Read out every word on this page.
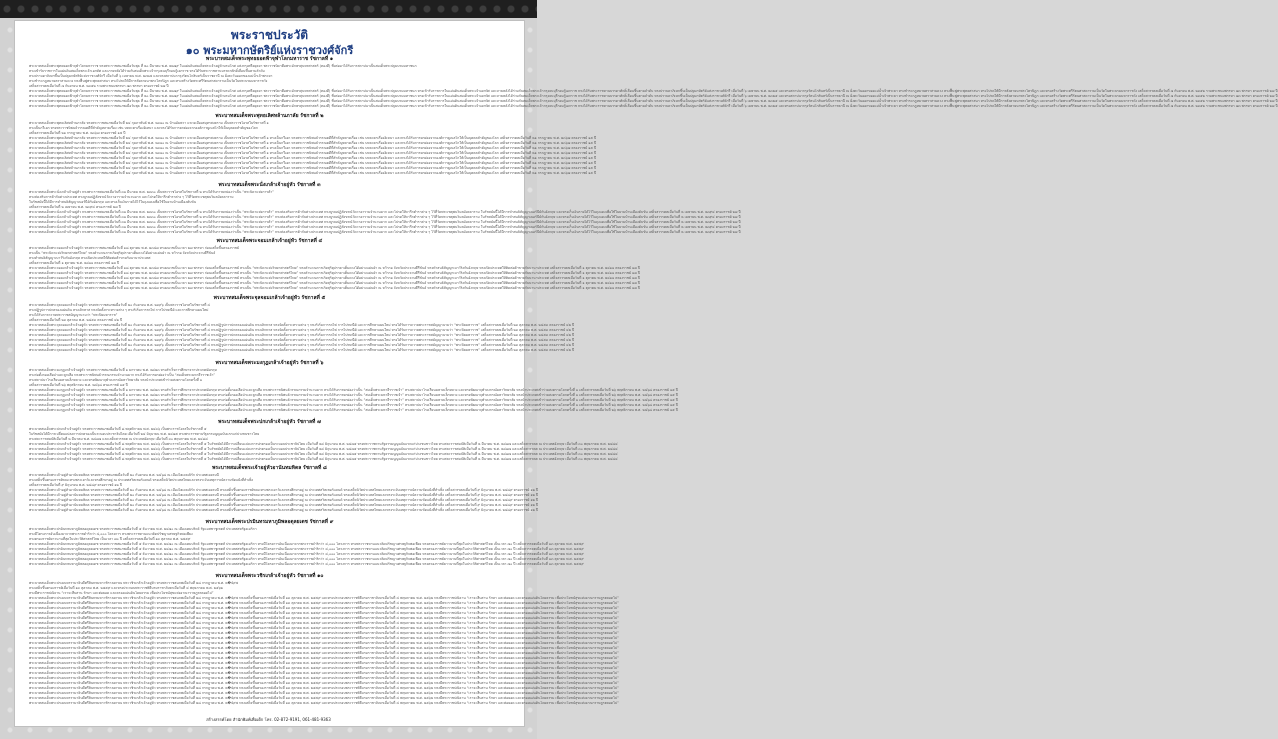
พระราชประวัติ
๑๐ พระมหากษัตริย์แห่งราชวงศ์จักรี
พระบาทสมเด็จพระพุทธยอดฟ้าจุฬาโลกมหาราช รัชกาลที่ ๑
พระบาทสมเด็จพระพุทธยอดฟ้าจุฬาโลกมหาราช ทรงพระราชสมภพเมื่อวันพุธ ที่ ๒๐ มีนาคม พ.ศ. ๒๒๗๙ ในแผ่นดินสมเด็จพระเจ้าอยู่หัวบรมโกศ แห่งกรุงศรีอยุธยา พระราชบิดาคือพระอักษรสุนทรศาสตร์ (ทองดี) ซึ่งต่อมาได้รับการสถาปนาเป็นสมเด็จพระปฐมบรมมหาชนก
ทรงเข้ารับราชการในแผ่นดินสมเด็จพระเจ้าเอกทัศ และภายหลังได้ร่วมกับสมเด็จพระเจ้ากรุงธนบุรีกอบกู้เอกราช ทรงได้รับพระราชทานบรรดาศักดิ์เลื่อนขึ้นตามลำดับ
ทรงปราบดาภิเษกขึ้นเป็นปฐมกษัตริย์แห่งราชวงศ์จักรี เมื่อวันที่ ๖ เมษายน พ.ศ. ๒๓๒๕ และทรงสถาปนากรุงรัตนโกสินทร์เป็นราชธานี ณ ฝั่งตะวันออกของแม่น้ำเจ้าพระยา
ทรงชำระกฎหมายตราสามดวง ทรงฟื้นฟูพระพุทธศาสนา ทรงโปรดให้มีการสังคายนาพระไตรปิฎก และทรงสร้างวัดพระศรีรัตนศาสดารามเป็นวัดในพระบรมมหาราชวัง
เสด็จสวรรคตเมื่อวันที่ ๗ กันยายน พ.ศ. ๒๓๕๒ รวมพระชนมพรรษา ๗๓ พรรษา ครองราชย์ ๒๗ ปี
พระบาทสมเด็จพระพุทธยอดฟ้าจุฬาโลกมหาราช ทรงพระราชสมภพเมื่อวันพุธ ที่ ๒๐ มีนาคม พ.ศ. ๒๒๗๙ ในแผ่นดินสมเด็จพระเจ้าอยู่หัวบรมโกศ แห่งกรุงศรีอยุธยา พระราชบิดาคือพระอักษรสุนทรศาสตร์ (ทองดี) ซึ่งต่อมาได้รับการสถาปนาเป็นสมเด็จพระปฐมบรมมหาชนก ทรงเข้ารับราชการในแผ่นดินสมเด็จพระเจ้าเอกทัศ และภายหลังได้ร่วมกับสมเด็จพระเจ้ากรุงธนบุรีกอบกู้เอกราช ทรงได้รับพระราชทานบรรดาศักดิ์เลื่อนขึ้นตามลำดับ ทรงปราบดาภิเษกขึ้นเป็นปฐมกษัตริย์แห่งราชวงศ์จักรี เมื่อวันที่ ๖ เมษายน พ.ศ. ๒๓๒๕ และทรงสถาปนากรุงรัตนโกสินทร์เป็นราชธานี ณ ฝั่งตะวันออกของแม่น้ำเจ้าพระยา ทรงชำระกฎหมายตราสามดวง ทรงฟื้นฟูพระพุทธศาสนา ทรงโปรดให้มีการสังคายนาพระไตรปิฎก และทรงสร้างวัดพระศรีรัตนศาสดารามเป็นวัดในพระบรมมหาราชวัง เสด็จสวรรคตเมื่อวันที่ ๗ กันยายน พ.ศ. ๒๓๕๒ รวมพระชนมพรรษา ๗๓ พรรษา ครองราชย์ ๒๗ ปี
พระบาทสมเด็จพระพุทธยอดฟ้าจุฬาโลกมหาราช ทรงพระราชสมภพเมื่อวันพุธ ที่ ๒๐ มีนาคม พ.ศ. ๒๒๗๙ ในแผ่นดินสมเด็จพระเจ้าอยู่หัวบรมโกศ แห่งกรุงศรีอยุธยา พระราชบิดาคือพระอักษรสุนทรศาสตร์ (ทองดี) ซึ่งต่อมาได้รับการสถาปนาเป็นสมเด็จพระปฐมบรมมหาชนก ทรงเข้ารับราชการในแผ่นดินสมเด็จพระเจ้าเอกทัศ และภายหลังได้ร่วมกับสมเด็จพระเจ้ากรุงธนบุรีกอบกู้เอกราช ทรงได้รับพระราชทานบรรดาศักดิ์เลื่อนขึ้นตามลำดับ ทรงปราบดาภิเษกขึ้นเป็นปฐมกษัตริย์แห่งราชวงศ์จักรี เมื่อวันที่ ๖ เมษายน พ.ศ. ๒๓๒๕ และทรงสถาปนากรุงรัตนโกสินทร์เป็นราชธานี ณ ฝั่งตะวันออกของแม่น้ำเจ้าพระยา ทรงชำระกฎหมายตราสามดวง ทรงฟื้นฟูพระพุทธศาสนา ทรงโปรดให้มีการสังคายนาพระไตรปิฎก และทรงสร้างวัดพระศรีรัตนศาสดารามเป็นวัดในพระบรมมหาราชวัง เสด็จสวรรคตเมื่อวันที่ ๗ กันยายน พ.ศ. ๒๓๕๒ รวมพระชนมพรรษา ๗๓ พรรษา ครองราชย์ ๒๗ ปี
พระบาทสมเด็จพระพุทธยอดฟ้าจุฬาโลกมหาราช ทรงพระราชสมภพเมื่อวันพุธ ที่ ๒๐ มีนาคม พ.ศ. ๒๒๗๙ ในแผ่นดินสมเด็จพระเจ้าอยู่หัวบรมโกศ แห่งกรุงศรีอยุธยา พระราชบิดาคือพระอักษรสุนทรศาสตร์ (ทองดี) ซึ่งต่อมาได้รับการสถาปนาเป็นสมเด็จพระปฐมบรมมหาชนก ทรงเข้ารับราชการในแผ่นดินสมเด็จพระเจ้าเอกทัศ และภายหลังได้ร่วมกับสมเด็จพระเจ้ากรุงธนบุรีกอบกู้เอกราช ทรงได้รับพระราชทานบรรดาศักดิ์เลื่อนขึ้นตามลำดับ ทรงปราบดาภิเษกขึ้นเป็นปฐมกษัตริย์แห่งราชวงศ์จักรี เมื่อวันที่ ๖ เมษายน พ.ศ. ๒๓๒๕ และทรงสถาปนากรุงรัตนโกสินทร์เป็นราชธานี ณ ฝั่งตะวันออกของแม่น้ำเจ้าพระยา ทรงชำระกฎหมายตราสามดวง ทรงฟื้นฟูพระพุทธศาสนา ทรงโปรดให้มีการสังคายนาพระไตรปิฎก และทรงสร้างวัดพระศรีรัตนศาสดารามเป็นวัดในพระบรมมหาราชวัง เสด็จสวรรคตเมื่อวันที่ ๗ กันยายน พ.ศ. ๒๓๕๒ รวมพระชนมพรรษา ๗๓ พรรษา ครองราชย์ ๒๗ ปี
พระบาทสมเด็จพระพุทธยอดฟ้าจุฬาโลกมหาราช ทรงพระราชสมภพเมื่อวันพุธ ที่ ๒๐ มีนาคม พ.ศ. ๒๒๗๙ ในแผ่นดินสมเด็จพระเจ้าอยู่หัวบรมโกศ แห่งกรุงศรีอยุธยา พระราชบิดาคือพระอักษรสุนทรศาสตร์ (ทองดี) ซึ่งต่อมาได้รับการสถาปนาเป็นสมเด็จพระปฐมบรมมหาชนก ทรงเข้ารับราชการในแผ่นดินสมเด็จพระเจ้าเอกทัศ และภายหลังได้ร่วมกับสมเด็จพระเจ้ากรุงธนบุรีกอบกู้เอกราช ทรงได้รับพระราชทานบรรดาศักดิ์เลื่อนขึ้นตามลำดับ ทรงปราบดาภิเษกขึ้นเป็นปฐมกษัตริย์แห่งราชวงศ์จักรี เมื่อวันที่ ๖ เมษายน พ.ศ. ๒๓๒๕ และทรงสถาปนากรุงรัตนโกสินทร์เป็นราชธานี ณ ฝั่งตะวันออกของแม่น้ำเจ้าพระยา ทรงชำระกฎหมายตราสามดวง ทรงฟื้นฟูพระพุทธศาสนา ทรงโปรดให้มีการสังคายนาพระไตรปิฎก และทรงสร้างวัดพระศรีรัตนศาสดารามเป็นวัดในพระบรมมหาราชวัง เสด็จสวรรคตเมื่อวันที่ ๗ กันยายน พ.ศ. ๒๓๕๒ รวมพระชนมพรรษา ๗๓ พรรษา ครองราชย์ ๒๗ ปี
พระบาทสมเด็จพระพุทธเลิศหล้านภาลัย รัชกาลที่ ๒
พระบาทสมเด็จพระพุทธเลิศหล้านภาลัย ทรงพระราชสมภพเมื่อวันที่ ๒๔ กุมภาพันธ์ พ.ศ. ๒๓๑๐ ณ บ้านอัมพวา แขวงเมืองสมุทรสงคราม เป็นพระราชโอรสในรัชกาลที่ ๑
ทรงเป็นกวีเอก ทรงพระราชนิพนธ์วรรณคดีที่สำคัญหลายเรื่อง เช่น บทละครเรื่องอิเหนา และทรงได้รับการยกย่องจากองค์การยูเนสโกให้เป็นบุคคลสำคัญของโลก
เสด็จสวรรคตเมื่อวันที่ ๒๑ กรกฎาคม พ.ศ. ๒๓๖๗ ครองราชย์ ๑๕ ปี
พระบาทสมเด็จพระพุทธเลิศหล้านภาลัย ทรงพระราชสมภพเมื่อวันที่ ๒๔ กุมภาพันธ์ พ.ศ. ๒๓๑๐ ณ บ้านอัมพวา แขวงเมืองสมุทรสงคราม เป็นพระราชโอรสในรัชกาลที่ ๑ ทรงเป็นกวีเอก ทรงพระราชนิพนธ์วรรณคดีที่สำคัญหลายเรื่อง เช่น บทละครเรื่องอิเหนา และทรงได้รับการยกย่องจากองค์การยูเนสโกให้เป็นบุคคลสำคัญของโลก เสด็จสวรรคตเมื่อวันที่ ๒๑ กรกฎาคม พ.ศ. ๒๓๖๗ ครองราชย์ ๑๕ ปี
พระบาทสมเด็จพระพุทธเลิศหล้านภาลัย ทรงพระราชสมภพเมื่อวันที่ ๒๔ กุมภาพันธ์ พ.ศ. ๒๓๑๐ ณ บ้านอัมพวา แขวงเมืองสมุทรสงคราม เป็นพระราชโอรสในรัชกาลที่ ๑ ทรงเป็นกวีเอก ทรงพระราชนิพนธ์วรรณคดีที่สำคัญหลายเรื่อง เช่น บทละครเรื่องอิเหนา และทรงได้รับการยกย่องจากองค์การยูเนสโกให้เป็นบุคคลสำคัญของโลก เสด็จสวรรคตเมื่อวันที่ ๒๑ กรกฎาคม พ.ศ. ๒๓๖๗ ครองราชย์ ๑๕ ปี
พระบาทสมเด็จพระพุทธเลิศหล้านภาลัย ทรงพระราชสมภพเมื่อวันที่ ๒๔ กุมภาพันธ์ พ.ศ. ๒๓๑๐ ณ บ้านอัมพวา แขวงเมืองสมุทรสงคราม เป็นพระราชโอรสในรัชกาลที่ ๑ ทรงเป็นกวีเอก ทรงพระราชนิพนธ์วรรณคดีที่สำคัญหลายเรื่อง เช่น บทละครเรื่องอิเหนา และทรงได้รับการยกย่องจากองค์การยูเนสโกให้เป็นบุคคลสำคัญของโลก เสด็จสวรรคตเมื่อวันที่ ๒๑ กรกฎาคม พ.ศ. ๒๓๖๗ ครองราชย์ ๑๕ ปี
พระบาทสมเด็จพระพุทธเลิศหล้านภาลัย ทรงพระราชสมภพเมื่อวันที่ ๒๔ กุมภาพันธ์ พ.ศ. ๒๓๑๐ ณ บ้านอัมพวา แขวงเมืองสมุทรสงคราม เป็นพระราชโอรสในรัชกาลที่ ๑ ทรงเป็นกวีเอก ทรงพระราชนิพนธ์วรรณคดีที่สำคัญหลายเรื่อง เช่น บทละครเรื่องอิเหนา และทรงได้รับการยกย่องจากองค์การยูเนสโกให้เป็นบุคคลสำคัญของโลก เสด็จสวรรคตเมื่อวันที่ ๒๑ กรกฎาคม พ.ศ. ๒๓๖๗ ครองราชย์ ๑๕ ปี
พระบาทสมเด็จพระพุทธเลิศหล้านภาลัย ทรงพระราชสมภพเมื่อวันที่ ๒๔ กุมภาพันธ์ พ.ศ. ๒๓๑๐ ณ บ้านอัมพวา แขวงเมืองสมุทรสงคราม เป็นพระราชโอรสในรัชกาลที่ ๑ ทรงเป็นกวีเอก ทรงพระราชนิพนธ์วรรณคดีที่สำคัญหลายเรื่อง เช่น บทละครเรื่องอิเหนา และทรงได้รับการยกย่องจากองค์การยูเนสโกให้เป็นบุคคลสำคัญของโลก เสด็จสวรรคตเมื่อวันที่ ๒๑ กรกฎาคม พ.ศ. ๒๓๖๗ ครองราชย์ ๑๕ ปี
พระบาทสมเด็จพระพุทธเลิศหล้านภาลัย ทรงพระราชสมภพเมื่อวันที่ ๒๔ กุมภาพันธ์ พ.ศ. ๒๓๑๐ ณ บ้านอัมพวา แขวงเมืองสมุทรสงคราม เป็นพระราชโอรสในรัชกาลที่ ๑ ทรงเป็นกวีเอก ทรงพระราชนิพนธ์วรรณคดีที่สำคัญหลายเรื่อง เช่น บทละครเรื่องอิเหนา และทรงได้รับการยกย่องจากองค์การยูเนสโกให้เป็นบุคคลสำคัญของโลก เสด็จสวรรคตเมื่อวันที่ ๒๑ กรกฎาคม พ.ศ. ๒๓๖๗ ครองราชย์ ๑๕ ปี
พระบาทสมเด็จพระพุทธเลิศหล้านภาลัย ทรงพระราชสมภพเมื่อวันที่ ๒๔ กุมภาพันธ์ พ.ศ. ๒๓๑๐ ณ บ้านอัมพวา แขวงเมืองสมุทรสงคราม เป็นพระราชโอรสในรัชกาลที่ ๑ ทรงเป็นกวีเอก ทรงพระราชนิพนธ์วรรณคดีที่สำคัญหลายเรื่อง เช่น บทละครเรื่องอิเหนา และทรงได้รับการยกย่องจากองค์การยูเนสโกให้เป็นบุคคลสำคัญของโลก เสด็จสวรรคตเมื่อวันที่ ๒๑ กรกฎาคม พ.ศ. ๒๓๖๗ ครองราชย์ ๑๕ ปี
พระบาทสมเด็จพระพุทธเลิศหล้านภาลัย ทรงพระราชสมภพเมื่อวันที่ ๒๔ กุมภาพันธ์ พ.ศ. ๒๓๑๐ ณ บ้านอัมพวา แขวงเมืองสมุทรสงคราม เป็นพระราชโอรสในรัชกาลที่ ๑ ทรงเป็นกวีเอก ทรงพระราชนิพนธ์วรรณคดีที่สำคัญหลายเรื่อง เช่น บทละครเรื่องอิเหนา และทรงได้รับการยกย่องจากองค์การยูเนสโกให้เป็นบุคคลสำคัญของโลก เสด็จสวรรคตเมื่อวันที่ ๒๑ กรกฎาคม พ.ศ. ๒๓๖๗ ครองราชย์ ๑๕ ปี
พระบาทสมเด็จพระนั่งเกล้าเจ้าอยู่หัว รัชกาลที่ ๓
พระบาทสมเด็จพระนั่งเกล้าเจ้าอยู่หัว ทรงพระราชสมภพเมื่อวันที่ ๓๑ มีนาคม พ.ศ. ๒๓๓๐ เป็นพระราชโอรสในรัชกาลที่ ๒ ทรงได้รับการยกย่องว่าเป็น “พระบิดาแห่งการค้า”
ทรงส่งเสริมการค้ากับต่างประเทศ ทรงบูรณปฏิสังขรณ์วัดวาอารามจำนวนมาก และโปรดให้จารึกตำราต่าง ๆ ไว้ที่วัดพระเชตุพนวิมลมังคลาราม
ในรัชสมัยนี้ได้มีการทำสนธิสัญญาเบอร์นีย์กับอังกฤษ และทรงเก็บเงินรายได้ไว้ในถุงแดงเพื่อใช้ในยามบ้านเมืองคับขัน
เสด็จสวรรคตเมื่อวันที่ ๒ เมษายน พ.ศ. ๒๓๙๔ ครองราชย์ ๒๗ ปี
พระบาทสมเด็จพระนั่งเกล้าเจ้าอยู่หัว ทรงพระราชสมภพเมื่อวันที่ ๓๑ มีนาคม พ.ศ. ๒๓๓๐ เป็นพระราชโอรสในรัชกาลที่ ๒ ทรงได้รับการยกย่องว่าเป็น “พระบิดาแห่งการค้า” ทรงส่งเสริมการค้ากับต่างประเทศ ทรงบูรณปฏิสังขรณ์วัดวาอารามจำนวนมาก และโปรดให้จารึกตำราต่าง ๆ ไว้ที่วัดพระเชตุพนวิมลมังคลาราม ในรัชสมัยนี้ได้มีการทำสนธิสัญญาเบอร์นีย์กับอังกฤษ และทรงเก็บเงินรายได้ไว้ในถุงแดงเพื่อใช้ในยามบ้านเมืองคับขัน เสด็จสวรรคตเมื่อวันที่ ๒ เมษายน พ.ศ. ๒๓๙๔ ครองราชย์ ๒๗ ปี
พระบาทสมเด็จพระนั่งเกล้าเจ้าอยู่หัว ทรงพระราชสมภพเมื่อวันที่ ๓๑ มีนาคม พ.ศ. ๒๓๓๐ เป็นพระราชโอรสในรัชกาลที่ ๒ ทรงได้รับการยกย่องว่าเป็น “พระบิดาแห่งการค้า” ทรงส่งเสริมการค้ากับต่างประเทศ ทรงบูรณปฏิสังขรณ์วัดวาอารามจำนวนมาก และโปรดให้จารึกตำราต่าง ๆ ไว้ที่วัดพระเชตุพนวิมลมังคลาราม ในรัชสมัยนี้ได้มีการทำสนธิสัญญาเบอร์นีย์กับอังกฤษ และทรงเก็บเงินรายได้ไว้ในถุงแดงเพื่อใช้ในยามบ้านเมืองคับขัน เสด็จสวรรคตเมื่อวันที่ ๒ เมษายน พ.ศ. ๒๓๙๔ ครองราชย์ ๒๗ ปี
พระบาทสมเด็จพระนั่งเกล้าเจ้าอยู่หัว ทรงพระราชสมภพเมื่อวันที่ ๓๑ มีนาคม พ.ศ. ๒๓๓๐ เป็นพระราชโอรสในรัชกาลที่ ๒ ทรงได้รับการยกย่องว่าเป็น “พระบิดาแห่งการค้า” ทรงส่งเสริมการค้ากับต่างประเทศ ทรงบูรณปฏิสังขรณ์วัดวาอารามจำนวนมาก และโปรดให้จารึกตำราต่าง ๆ ไว้ที่วัดพระเชตุพนวิมลมังคลาราม ในรัชสมัยนี้ได้มีการทำสนธิสัญญาเบอร์นีย์กับอังกฤษ และทรงเก็บเงินรายได้ไว้ในถุงแดงเพื่อใช้ในยามบ้านเมืองคับขัน เสด็จสวรรคตเมื่อวันที่ ๒ เมษายน พ.ศ. ๒๓๙๔ ครองราชย์ ๒๗ ปี
พระบาทสมเด็จพระนั่งเกล้าเจ้าอยู่หัว ทรงพระราชสมภพเมื่อวันที่ ๓๑ มีนาคม พ.ศ. ๒๓๓๐ เป็นพระราชโอรสในรัชกาลที่ ๒ ทรงได้รับการยกย่องว่าเป็น “พระบิดาแห่งการค้า” ทรงส่งเสริมการค้ากับต่างประเทศ ทรงบูรณปฏิสังขรณ์วัดวาอารามจำนวนมาก และโปรดให้จารึกตำราต่าง ๆ ไว้ที่วัดพระเชตุพนวิมลมังคลาราม ในรัชสมัยนี้ได้มีการทำสนธิสัญญาเบอร์นีย์กับอังกฤษ และทรงเก็บเงินรายได้ไว้ในถุงแดงเพื่อใช้ในยามบ้านเมืองคับขัน เสด็จสวรรคตเมื่อวันที่ ๒ เมษายน พ.ศ. ๒๓๙๔ ครองราชย์ ๒๗ ปี
พระบาทสมเด็จพระนั่งเกล้าเจ้าอยู่หัว ทรงพระราชสมภพเมื่อวันที่ ๓๑ มีนาคม พ.ศ. ๒๓๓๐ เป็นพระราชโอรสในรัชกาลที่ ๒ ทรงได้รับการยกย่องว่าเป็น “พระบิดาแห่งการค้า” ทรงส่งเสริมการค้ากับต่างประเทศ ทรงบูรณปฏิสังขรณ์วัดวาอารามจำนวนมาก และโปรดให้จารึกตำราต่าง ๆ ไว้ที่วัดพระเชตุพนวิมลมังคลาราม ในรัชสมัยนี้ได้มีการทำสนธิสัญญาเบอร์นีย์กับอังกฤษ และทรงเก็บเงินรายได้ไว้ในถุงแดงเพื่อใช้ในยามบ้านเมืองคับขัน เสด็จสวรรคตเมื่อวันที่ ๒ เมษายน พ.ศ. ๒๓๙๔ ครองราชย์ ๒๗ ปี
พระบาทสมเด็จพระจอมเกล้าเจ้าอยู่หัว รัชกาลที่ ๔
พระบาทสมเด็จพระจอมเกล้าเจ้าอยู่หัว ทรงพระราชสมภพเมื่อวันที่ ๑๘ ตุลาคม พ.ศ. ๒๓๔๗ ทรงผนวชเป็นเวลา ๒๗ พรรษา ก่อนเสด็จขึ้นครองราชย์
ทรงเป็น “พระบิดาแห่งวิทยาศาสตร์ไทย” ทรงคำนวณการเกิดสุริยุปราคาเต็มดวงได้อย่างแม่นยำ ณ หว้ากอ จังหวัดประจวบคีรีขันธ์
ทรงทำสนธิสัญญาเบาว์ริงกับอังกฤษ ทรงเปิดประเทศให้ติดต่อค้าขายกับนานาประเทศ
เสด็จสวรรคตเมื่อวันที่ ๑ ตุลาคม พ.ศ. ๒๔๑๑ ครองราชย์ ๑๗ ปี
พระบาทสมเด็จพระจอมเกล้าเจ้าอยู่หัว ทรงพระราชสมภพเมื่อวันที่ ๑๘ ตุลาคม พ.ศ. ๒๓๔๗ ทรงผนวชเป็นเวลา ๒๗ พรรษา ก่อนเสด็จขึ้นครองราชย์ ทรงเป็น “พระบิดาแห่งวิทยาศาสตร์ไทย” ทรงคำนวณการเกิดสุริยุปราคาเต็มดวงได้อย่างแม่นยำ ณ หว้ากอ จังหวัดประจวบคีรีขันธ์ ทรงทำสนธิสัญญาเบาว์ริงกับอังกฤษ ทรงเปิดประเทศให้ติดต่อค้าขายกับนานาประเทศ เสด็จสวรรคตเมื่อวันที่ ๑ ตุลาคม พ.ศ. ๒๔๑๑ ครองราชย์ ๑๗ ปี
พระบาทสมเด็จพระจอมเกล้าเจ้าอยู่หัว ทรงพระราชสมภพเมื่อวันที่ ๑๘ ตุลาคม พ.ศ. ๒๓๔๗ ทรงผนวชเป็นเวลา ๒๗ พรรษา ก่อนเสด็จขึ้นครองราชย์ ทรงเป็น “พระบิดาแห่งวิทยาศาสตร์ไทย” ทรงคำนวณการเกิดสุริยุปราคาเต็มดวงได้อย่างแม่นยำ ณ หว้ากอ จังหวัดประจวบคีรีขันธ์ ทรงทำสนธิสัญญาเบาว์ริงกับอังกฤษ ทรงเปิดประเทศให้ติดต่อค้าขายกับนานาประเทศ เสด็จสวรรคตเมื่อวันที่ ๑ ตุลาคม พ.ศ. ๒๔๑๑ ครองราชย์ ๑๗ ปี
พระบาทสมเด็จพระจอมเกล้าเจ้าอยู่หัว ทรงพระราชสมภพเมื่อวันที่ ๑๘ ตุลาคม พ.ศ. ๒๓๔๗ ทรงผนวชเป็นเวลา ๒๗ พรรษา ก่อนเสด็จขึ้นครองราชย์ ทรงเป็น “พระบิดาแห่งวิทยาศาสตร์ไทย” ทรงคำนวณการเกิดสุริยุปราคาเต็มดวงได้อย่างแม่นยำ ณ หว้ากอ จังหวัดประจวบคีรีขันธ์ ทรงทำสนธิสัญญาเบาว์ริงกับอังกฤษ ทรงเปิดประเทศให้ติดต่อค้าขายกับนานาประเทศ เสด็จสวรรคตเมื่อวันที่ ๑ ตุลาคม พ.ศ. ๒๔๑๑ ครองราชย์ ๑๗ ปี
พระบาทสมเด็จพระจอมเกล้าเจ้าอยู่หัว ทรงพระราชสมภพเมื่อวันที่ ๑๘ ตุลาคม พ.ศ. ๒๓๔๗ ทรงผนวชเป็นเวลา ๒๗ พรรษา ก่อนเสด็จขึ้นครองราชย์ ทรงเป็น “พระบิดาแห่งวิทยาศาสตร์ไทย” ทรงคำนวณการเกิดสุริยุปราคาเต็มดวงได้อย่างแม่นยำ ณ หว้ากอ จังหวัดประจวบคีรีขันธ์ ทรงทำสนธิสัญญาเบาว์ริงกับอังกฤษ ทรงเปิดประเทศให้ติดต่อค้าขายกับนานาประเทศ เสด็จสวรรคตเมื่อวันที่ ๑ ตุลาคม พ.ศ. ๒๔๑๑ ครองราชย์ ๑๗ ปี
พระบาทสมเด็จพระจอมเกล้าเจ้าอยู่หัว ทรงพระราชสมภพเมื่อวันที่ ๑๘ ตุลาคม พ.ศ. ๒๓๔๗ ทรงผนวชเป็นเวลา ๒๗ พรรษา ก่อนเสด็จขึ้นครองราชย์ ทรงเป็น “พระบิดาแห่งวิทยาศาสตร์ไทย” ทรงคำนวณการเกิดสุริยุปราคาเต็มดวงได้อย่างแม่นยำ ณ หว้ากอ จังหวัดประจวบคีรีขันธ์ ทรงทำสนธิสัญญาเบาว์ริงกับอังกฤษ ทรงเปิดประเทศให้ติดต่อค้าขายกับนานาประเทศ เสด็จสวรรคตเมื่อวันที่ ๑ ตุลาคม พ.ศ. ๒๔๑๑ ครองราชย์ ๑๗ ปี
พระบาทสมเด็จพระจุลจอมเกล้าเจ้าอยู่หัว รัชกาลที่ ๕
พระบาทสมเด็จพระจุลจอมเกล้าเจ้าอยู่หัว ทรงพระราชสมภพเมื่อวันที่ ๒๐ กันยายน พ.ศ. ๒๓๙๖ เป็นพระราชโอรสในรัชกาลที่ ๔
ทรงปฏิรูปการปกครองแผ่นดิน ทรงเลิกทาส ทรงจัดตั้งกระทรวงต่าง ๆ ทรงริเริ่มการรถไฟ การไปรษณีย์ และการศึกษาแผนใหม่
ทรงได้รับการถวายพระราชสมัญญานามว่า “พระปิยมหาราช”
เสด็จสวรรคตเมื่อวันที่ ๒๓ ตุลาคม พ.ศ. ๒๔๕๓ ครองราชย์ ๔๒ ปี
พระบาทสมเด็จพระจุลจอมเกล้าเจ้าอยู่หัว ทรงพระราชสมภพเมื่อวันที่ ๒๐ กันยายน พ.ศ. ๒๓๙๖ เป็นพระราชโอรสในรัชกาลที่ ๔ ทรงปฏิรูปการปกครองแผ่นดิน ทรงเลิกทาส ทรงจัดตั้งกระทรวงต่าง ๆ ทรงริเริ่มการรถไฟ การไปรษณีย์ และการศึกษาแผนใหม่ ทรงได้รับการถวายพระราชสมัญญานามว่า “พระปิยมหาราช” เสด็จสวรรคตเมื่อวันที่ ๒๓ ตุลาคม พ.ศ. ๒๔๕๓ ครองราชย์ ๔๒ ปี
พระบาทสมเด็จพระจุลจอมเกล้าเจ้าอยู่หัว ทรงพระราชสมภพเมื่อวันที่ ๒๐ กันยายน พ.ศ. ๒๓๙๖ เป็นพระราชโอรสในรัชกาลที่ ๔ ทรงปฏิรูปการปกครองแผ่นดิน ทรงเลิกทาส ทรงจัดตั้งกระทรวงต่าง ๆ ทรงริเริ่มการรถไฟ การไปรษณีย์ และการศึกษาแผนใหม่ ทรงได้รับการถวายพระราชสมัญญานามว่า “พระปิยมหาราช” เสด็จสวรรคตเมื่อวันที่ ๒๓ ตุลาคม พ.ศ. ๒๔๕๓ ครองราชย์ ๔๒ ปี
พระบาทสมเด็จพระจุลจอมเกล้าเจ้าอยู่หัว ทรงพระราชสมภพเมื่อวันที่ ๒๐ กันยายน พ.ศ. ๒๓๙๖ เป็นพระราชโอรสในรัชกาลที่ ๔ ทรงปฏิรูปการปกครองแผ่นดิน ทรงเลิกทาส ทรงจัดตั้งกระทรวงต่าง ๆ ทรงริเริ่มการรถไฟ การไปรษณีย์ และการศึกษาแผนใหม่ ทรงได้รับการถวายพระราชสมัญญานามว่า “พระปิยมหาราช” เสด็จสวรรคตเมื่อวันที่ ๒๓ ตุลาคม พ.ศ. ๒๔๕๓ ครองราชย์ ๔๒ ปี
พระบาทสมเด็จพระจุลจอมเกล้าเจ้าอยู่หัว ทรงพระราชสมภพเมื่อวันที่ ๒๐ กันยายน พ.ศ. ๒๓๙๖ เป็นพระราชโอรสในรัชกาลที่ ๔ ทรงปฏิรูปการปกครองแผ่นดิน ทรงเลิกทาส ทรงจัดตั้งกระทรวงต่าง ๆ ทรงริเริ่มการรถไฟ การไปรษณีย์ และการศึกษาแผนใหม่ ทรงได้รับการถวายพระราชสมัญญานามว่า “พระปิยมหาราช” เสด็จสวรรคตเมื่อวันที่ ๒๓ ตุลาคม พ.ศ. ๒๔๕๓ ครองราชย์ ๔๒ ปี
พระบาทสมเด็จพระจุลจอมเกล้าเจ้าอยู่หัว ทรงพระราชสมภพเมื่อวันที่ ๒๐ กันยายน พ.ศ. ๒๓๙๖ เป็นพระราชโอรสในรัชกาลที่ ๔ ทรงปฏิรูปการปกครองแผ่นดิน ทรงเลิกทาส ทรงจัดตั้งกระทรวงต่าง ๆ ทรงริเริ่มการรถไฟ การไปรษณีย์ และการศึกษาแผนใหม่ ทรงได้รับการถวายพระราชสมัญญานามว่า “พระปิยมหาราช” เสด็จสวรรคตเมื่อวันที่ ๒๓ ตุลาคม พ.ศ. ๒๔๕๓ ครองราชย์ ๔๒ ปี
พระบาทสมเด็จพระจุลจอมเกล้าเจ้าอยู่หัว ทรงพระราชสมภพเมื่อวันที่ ๒๐ กันยายน พ.ศ. ๒๓๙๖ เป็นพระราชโอรสในรัชกาลที่ ๔ ทรงปฏิรูปการปกครองแผ่นดิน ทรงเลิกทาส ทรงจัดตั้งกระทรวงต่าง ๆ ทรงริเริ่มการรถไฟ การไปรษณีย์ และการศึกษาแผนใหม่ ทรงได้รับการถวายพระราชสมัญญานามว่า “พระปิยมหาราช” เสด็จสวรรคตเมื่อวันที่ ๒๓ ตุลาคม พ.ศ. ๒๔๕๓ ครองราชย์ ๔๒ ปี
พระบาทสมเด็จพระมงกุฎเกล้าเจ้าอยู่หัว รัชกาลที่ ๖
พระบาทสมเด็จพระมงกุฎเกล้าเจ้าอยู่หัว ทรงพระราชสมภพเมื่อวันที่ ๑ มกราคม พ.ศ. ๒๔๒๓ ทรงสำเร็จการศึกษาจากประเทศอังกฤษ
ทรงก่อตั้งกองเสือป่าและลูกเสือ ทรงพระราชนิพนธ์วรรณกรรมจำนวนมาก ทรงได้รับการยกย่องว่าเป็น “สมเด็จพระมหาธีรราชเจ้า”
ทรงสถาปนาโรงเรียนมหาดเล็กหลวง และทรงพัฒนาจุฬาลงกรณ์มหาวิทยาลัย ทรงนำประเทศเข้าร่วมสงครามโลกครั้งที่ ๑
เสด็จสวรรคตเมื่อวันที่ ๒๖ พฤศจิกายน พ.ศ. ๒๔๖๘ ครองราชย์ ๑๕ ปี
พระบาทสมเด็จพระมงกุฎเกล้าเจ้าอยู่หัว ทรงพระราชสมภพเมื่อวันที่ ๑ มกราคม พ.ศ. ๒๔๒๓ ทรงสำเร็จการศึกษาจากประเทศอังกฤษ ทรงก่อตั้งกองเสือป่าและลูกเสือ ทรงพระราชนิพนธ์วรรณกรรมจำนวนมาก ทรงได้รับการยกย่องว่าเป็น “สมเด็จพระมหาธีรราชเจ้า” ทรงสถาปนาโรงเรียนมหาดเล็กหลวง และทรงพัฒนาจุฬาลงกรณ์มหาวิทยาลัย ทรงนำประเทศเข้าร่วมสงครามโลกครั้งที่ ๑ เสด็จสวรรคตเมื่อวันที่ ๒๖ พฤศจิกายน พ.ศ. ๒๔๖๘ ครองราชย์ ๑๕ ปี
พระบาทสมเด็จพระมงกุฎเกล้าเจ้าอยู่หัว ทรงพระราชสมภพเมื่อวันที่ ๑ มกราคม พ.ศ. ๒๔๒๓ ทรงสำเร็จการศึกษาจากประเทศอังกฤษ ทรงก่อตั้งกองเสือป่าและลูกเสือ ทรงพระราชนิพนธ์วรรณกรรมจำนวนมาก ทรงได้รับการยกย่องว่าเป็น “สมเด็จพระมหาธีรราชเจ้า” ทรงสถาปนาโรงเรียนมหาดเล็กหลวง และทรงพัฒนาจุฬาลงกรณ์มหาวิทยาลัย ทรงนำประเทศเข้าร่วมสงครามโลกครั้งที่ ๑ เสด็จสวรรคตเมื่อวันที่ ๒๖ พฤศจิกายน พ.ศ. ๒๔๖๘ ครองราชย์ ๑๕ ปี
พระบาทสมเด็จพระมงกุฎเกล้าเจ้าอยู่หัว ทรงพระราชสมภพเมื่อวันที่ ๑ มกราคม พ.ศ. ๒๔๒๓ ทรงสำเร็จการศึกษาจากประเทศอังกฤษ ทรงก่อตั้งกองเสือป่าและลูกเสือ ทรงพระราชนิพนธ์วรรณกรรมจำนวนมาก ทรงได้รับการยกย่องว่าเป็น “สมเด็จพระมหาธีรราชเจ้า” ทรงสถาปนาโรงเรียนมหาดเล็กหลวง และทรงพัฒนาจุฬาลงกรณ์มหาวิทยาลัย ทรงนำประเทศเข้าร่วมสงครามโลกครั้งที่ ๑ เสด็จสวรรคตเมื่อวันที่ ๒๖ พฤศจิกายน พ.ศ. ๒๔๖๘ ครองราชย์ ๑๕ ปี
พระบาทสมเด็จพระมงกุฎเกล้าเจ้าอยู่หัว ทรงพระราชสมภพเมื่อวันที่ ๑ มกราคม พ.ศ. ๒๔๒๓ ทรงสำเร็จการศึกษาจากประเทศอังกฤษ ทรงก่อตั้งกองเสือป่าและลูกเสือ ทรงพระราชนิพนธ์วรรณกรรมจำนวนมาก ทรงได้รับการยกย่องว่าเป็น “สมเด็จพระมหาธีรราชเจ้า” ทรงสถาปนาโรงเรียนมหาดเล็กหลวง และทรงพัฒนาจุฬาลงกรณ์มหาวิทยาลัย ทรงนำประเทศเข้าร่วมสงครามโลกครั้งที่ ๑ เสด็จสวรรคตเมื่อวันที่ ๒๖ พฤศจิกายน พ.ศ. ๒๔๖๘ ครองราชย์ ๑๕ ปี
พระบาทสมเด็จพระมงกุฎเกล้าเจ้าอยู่หัว ทรงพระราชสมภพเมื่อวันที่ ๑ มกราคม พ.ศ. ๒๔๒๓ ทรงสำเร็จการศึกษาจากประเทศอังกฤษ ทรงก่อตั้งกองเสือป่าและลูกเสือ ทรงพระราชนิพนธ์วรรณกรรมจำนวนมาก ทรงได้รับการยกย่องว่าเป็น “สมเด็จพระมหาธีรราชเจ้า” ทรงสถาปนาโรงเรียนมหาดเล็กหลวง และทรงพัฒนาจุฬาลงกรณ์มหาวิทยาลัย ทรงนำประเทศเข้าร่วมสงครามโลกครั้งที่ ๑ เสด็จสวรรคตเมื่อวันที่ ๒๖ พฤศจิกายน พ.ศ. ๒๔๖๘ ครองราชย์ ๑๕ ปี
พระบาทสมเด็จพระปกเกล้าเจ้าอยู่หัว รัชกาลที่ ๗
พระบาทสมเด็จพระปกเกล้าเจ้าอยู่หัว ทรงพระราชสมภพเมื่อวันที่ ๘ พฤศจิกายน พ.ศ. ๒๔๓๖ เป็นพระราชโอรสในรัชกาลที่ ๕
ในรัชสมัยได้มีการเปลี่ยนแปลงการปกครองเป็นระบอบประชาธิปไตย เมื่อวันที่ ๒๔ มิถุนายน พ.ศ. ๒๔๗๕ ทรงพระราชทานรัฐธรรมนูญฉบับแรกแก่ปวงชนชาวไทย
ทรงสละราชสมบัติเมื่อวันที่ ๒ มีนาคม พ.ศ. ๒๔๗๗ และเสด็จสวรรคต ณ ประเทศอังกฤษ เมื่อวันที่ ๓๐ พฤษภาคม พ.ศ. ๒๔๘๔
พระบาทสมเด็จพระปกเกล้าเจ้าอยู่หัว ทรงพระราชสมภพเมื่อวันที่ ๘ พฤศจิกายน พ.ศ. ๒๔๓๖ เป็นพระราชโอรสในรัชกาลที่ ๕ ในรัชสมัยได้มีการเปลี่ยนแปลงการปกครองเป็นระบอบประชาธิปไตย เมื่อวันที่ ๒๔ มิถุนายน พ.ศ. ๒๔๗๕ ทรงพระราชทานรัฐธรรมนูญฉบับแรกแก่ปวงชนชาวไทย ทรงสละราชสมบัติเมื่อวันที่ ๒ มีนาคม พ.ศ. ๒๔๗๗ และเสด็จสวรรคต ณ ประเทศอังกฤษ เมื่อวันที่ ๓๐ พฤษภาคม พ.ศ. ๒๔๘๔
พระบาทสมเด็จพระปกเกล้าเจ้าอยู่หัว ทรงพระราชสมภพเมื่อวันที่ ๘ พฤศจิกายน พ.ศ. ๒๔๓๖ เป็นพระราชโอรสในรัชกาลที่ ๕ ในรัชสมัยได้มีการเปลี่ยนแปลงการปกครองเป็นระบอบประชาธิปไตย เมื่อวันที่ ๒๔ มิถุนายน พ.ศ. ๒๔๗๕ ทรงพระราชทานรัฐธรรมนูญฉบับแรกแก่ปวงชนชาวไทย ทรงสละราชสมบัติเมื่อวันที่ ๒ มีนาคม พ.ศ. ๒๔๗๗ และเสด็จสวรรคต ณ ประเทศอังกฤษ เมื่อวันที่ ๓๐ พฤษภาคม พ.ศ. ๒๔๘๔
พระบาทสมเด็จพระปกเกล้าเจ้าอยู่หัว ทรงพระราชสมภพเมื่อวันที่ ๘ พฤศจิกายน พ.ศ. ๒๔๓๖ เป็นพระราชโอรสในรัชกาลที่ ๕ ในรัชสมัยได้มีการเปลี่ยนแปลงการปกครองเป็นระบอบประชาธิปไตย เมื่อวันที่ ๒๔ มิถุนายน พ.ศ. ๒๔๗๕ ทรงพระราชทานรัฐธรรมนูญฉบับแรกแก่ปวงชนชาวไทย ทรงสละราชสมบัติเมื่อวันที่ ๒ มีนาคม พ.ศ. ๒๔๗๗ และเสด็จสวรรคต ณ ประเทศอังกฤษ เมื่อวันที่ ๓๐ พฤษภาคม พ.ศ. ๒๔๘๔
พระบาทสมเด็จพระปกเกล้าเจ้าอยู่หัว ทรงพระราชสมภพเมื่อวันที่ ๘ พฤศจิกายน พ.ศ. ๒๔๓๖ เป็นพระราชโอรสในรัชกาลที่ ๕ ในรัชสมัยได้มีการเปลี่ยนแปลงการปกครองเป็นระบอบประชาธิปไตย เมื่อวันที่ ๒๔ มิถุนายน พ.ศ. ๒๔๗๕ ทรงพระราชทานรัฐธรรมนูญฉบับแรกแก่ปวงชนชาวไทย ทรงสละราชสมบัติเมื่อวันที่ ๒ มีนาคม พ.ศ. ๒๔๗๗ และเสด็จสวรรคต ณ ประเทศอังกฤษ เมื่อวันที่ ๓๐ พฤษภาคม พ.ศ. ๒๔๘๔
พระบาทสมเด็จพระเจ้าอยู่หัวอานันทมหิดล รัชกาลที่ ๘
พระบาทสมเด็จพระเจ้าอยู่หัวอานันทมหิดล ทรงพระราชสมภพเมื่อวันที่ ๒๐ กันยายน พ.ศ. ๒๔๖๘ ณ เมืองไฮเดลเบิร์ก ประเทศเยอรมนี
ทรงเสด็จขึ้นครองราชย์ขณะทรงพระเยาว์และทรงศึกษาอยู่ ณ ประเทศสวิตเซอร์แลนด์ ทรงเสด็จนิวัตประเทศไทยและทรงระงับเหตุการณ์ความขัดแย้งที่สำเพ็ง
เสด็จสวรรคตเมื่อวันที่ ๙ มิถุนายน พ.ศ. ๒๔๘๙ ครองราชย์ ๑๒ ปี
พระบาทสมเด็จพระเจ้าอยู่หัวอานันทมหิดล ทรงพระราชสมภพเมื่อวันที่ ๒๐ กันยายน พ.ศ. ๒๔๖๘ ณ เมืองไฮเดลเบิร์ก ประเทศเยอรมนี ทรงเสด็จขึ้นครองราชย์ขณะทรงพระเยาว์และทรงศึกษาอยู่ ณ ประเทศสวิตเซอร์แลนด์ ทรงเสด็จนิวัตประเทศไทยและทรงระงับเหตุการณ์ความขัดแย้งที่สำเพ็ง เสด็จสวรรคตเมื่อวันที่ ๙ มิถุนายน พ.ศ. ๒๔๘๙ ครองราชย์ ๑๒ ปี
พระบาทสมเด็จพระเจ้าอยู่หัวอานันทมหิดล ทรงพระราชสมภพเมื่อวันที่ ๒๐ กันยายน พ.ศ. ๒๔๖๘ ณ เมืองไฮเดลเบิร์ก ประเทศเยอรมนี ทรงเสด็จขึ้นครองราชย์ขณะทรงพระเยาว์และทรงศึกษาอยู่ ณ ประเทศสวิตเซอร์แลนด์ ทรงเสด็จนิวัตประเทศไทยและทรงระงับเหตุการณ์ความขัดแย้งที่สำเพ็ง เสด็จสวรรคตเมื่อวันที่ ๙ มิถุนายน พ.ศ. ๒๔๘๙ ครองราชย์ ๑๒ ปี
พระบาทสมเด็จพระเจ้าอยู่หัวอานันทมหิดล ทรงพระราชสมภพเมื่อวันที่ ๒๐ กันยายน พ.ศ. ๒๔๖๘ ณ เมืองไฮเดลเบิร์ก ประเทศเยอรมนี ทรงเสด็จขึ้นครองราชย์ขณะทรงพระเยาว์และทรงศึกษาอยู่ ณ ประเทศสวิตเซอร์แลนด์ ทรงเสด็จนิวัตประเทศไทยและทรงระงับเหตุการณ์ความขัดแย้งที่สำเพ็ง เสด็จสวรรคตเมื่อวันที่ ๙ มิถุนายน พ.ศ. ๒๔๘๙ ครองราชย์ ๑๒ ปี
พระบาทสมเด็จพระเจ้าอยู่หัวอานันทมหิดล ทรงพระราชสมภพเมื่อวันที่ ๒๐ กันยายน พ.ศ. ๒๔๖๘ ณ เมืองไฮเดลเบิร์ก ประเทศเยอรมนี ทรงเสด็จขึ้นครองราชย์ขณะทรงพระเยาว์และทรงศึกษาอยู่ ณ ประเทศสวิตเซอร์แลนด์ ทรงเสด็จนิวัตประเทศไทยและทรงระงับเหตุการณ์ความขัดแย้งที่สำเพ็ง เสด็จสวรรคตเมื่อวันที่ ๙ มิถุนายน พ.ศ. ๒๔๘๙ ครองราชย์ ๑๒ ปี
พระบาทสมเด็จพระเจ้าอยู่หัวอานันทมหิดล ทรงพระราชสมภพเมื่อวันที่ ๒๐ กันยายน พ.ศ. ๒๔๖๘ ณ เมืองไฮเดลเบิร์ก ประเทศเยอรมนี ทรงเสด็จขึ้นครองราชย์ขณะทรงพระเยาว์และทรงศึกษาอยู่ ณ ประเทศสวิตเซอร์แลนด์ ทรงเสด็จนิวัตประเทศไทยและทรงระงับเหตุการณ์ความขัดแย้งที่สำเพ็ง เสด็จสวรรคตเมื่อวันที่ ๙ มิถุนายน พ.ศ. ๒๔๘๙ ครองราชย์ ๑๒ ปี
พระบาทสมเด็จพระปรมินทรมหาภูมิพลอดุลยเดช รัชกาลที่ ๙
พระบาทสมเด็จพระปรมินทรมหาภูมิพลอดุลยเดช ทรงพระราชสมภพเมื่อวันที่ ๕ ธันวาคม พ.ศ. ๒๔๗๐ ณ เมืองเคมบริดจ์ รัฐแมสซาชูเซตส์ ประเทศสหรัฐอเมริกา
ทรงมีโครงการอันเนื่องมาจากพระราชดำริกว่า ๔,๐๐๐ โครงการ ทรงพระราชทานแนวคิดปรัชญาเศรษฐกิจพอเพียง
ทรงครองราชย์ยาวนานที่สุดในประวัติศาสตร์ไทย เป็นเวลา ๗๐ ปี เสด็จสวรรคตเมื่อวันที่ ๑๓ ตุลาคม พ.ศ. ๒๕๕๙
พระบาทสมเด็จพระปรมินทรมหาภูมิพลอดุลยเดช ทรงพระราชสมภพเมื่อวันที่ ๕ ธันวาคม พ.ศ. ๒๔๗๐ ณ เมืองเคมบริดจ์ รัฐแมสซาชูเซตส์ ประเทศสหรัฐอเมริกา ทรงมีโครงการอันเนื่องมาจากพระราชดำริกว่า ๔,๐๐๐ โครงการ ทรงพระราชทานแนวคิดปรัชญาเศรษฐกิจพอเพียง ทรงครองราชย์ยาวนานที่สุดในประวัติศาสตร์ไทย เป็นเวลา ๗๐ ปี เสด็จสวรรคตเมื่อวันที่ ๑๓ ตุลาคม พ.ศ. ๒๕๕๙
พระบาทสมเด็จพระปรมินทรมหาภูมิพลอดุลยเดช ทรงพระราชสมภพเมื่อวันที่ ๕ ธันวาคม พ.ศ. ๒๔๗๐ ณ เมืองเคมบริดจ์ รัฐแมสซาชูเซตส์ ประเทศสหรัฐอเมริกา ทรงมีโครงการอันเนื่องมาจากพระราชดำริกว่า ๔,๐๐๐ โครงการ ทรงพระราชทานแนวคิดปรัชญาเศรษฐกิจพอเพียง ทรงครองราชย์ยาวนานที่สุดในประวัติศาสตร์ไทย เป็นเวลา ๗๐ ปี เสด็จสวรรคตเมื่อวันที่ ๑๓ ตุลาคม พ.ศ. ๒๕๕๙
พระบาทสมเด็จพระปรมินทรมหาภูมิพลอดุลยเดช ทรงพระราชสมภพเมื่อวันที่ ๕ ธันวาคม พ.ศ. ๒๔๗๐ ณ เมืองเคมบริดจ์ รัฐแมสซาชูเซตส์ ประเทศสหรัฐอเมริกา ทรงมีโครงการอันเนื่องมาจากพระราชดำริกว่า ๔,๐๐๐ โครงการ ทรงพระราชทานแนวคิดปรัชญาเศรษฐกิจพอเพียง ทรงครองราชย์ยาวนานที่สุดในประวัติศาสตร์ไทย เป็นเวลา ๗๐ ปี เสด็จสวรรคตเมื่อวันที่ ๑๓ ตุลาคม พ.ศ. ๒๕๕๙
พระบาทสมเด็จพระปรมินทรมหาภูมิพลอดุลยเดช ทรงพระราชสมภพเมื่อวันที่ ๕ ธันวาคม พ.ศ. ๒๔๗๐ ณ เมืองเคมบริดจ์ รัฐแมสซาชูเซตส์ ประเทศสหรัฐอเมริกา ทรงมีโครงการอันเนื่องมาจากพระราชดำริกว่า ๔,๐๐๐ โครงการ ทรงพระราชทานแนวคิดปรัชญาเศรษฐกิจพอเพียง ทรงครองราชย์ยาวนานที่สุดในประวัติศาสตร์ไทย เป็นเวลา ๗๐ ปี เสด็จสวรรคตเมื่อวันที่ ๑๓ ตุลาคม พ.ศ. ๒๕๕๙
พระบาทสมเด็จพระปรมินทรมหาภูมิพลอดุลยเดช ทรงพระราชสมภพเมื่อวันที่ ๕ ธันวาคม พ.ศ. ๒๔๗๐ ณ เมืองเคมบริดจ์ รัฐแมสซาชูเซตส์ ประเทศสหรัฐอเมริกา ทรงมีโครงการอันเนื่องมาจากพระราชดำริกว่า ๔,๐๐๐ โครงการ ทรงพระราชทานแนวคิดปรัชญาเศรษฐกิจพอเพียง ทรงครองราชย์ยาวนานที่สุดในประวัติศาสตร์ไทย เป็นเวลา ๗๐ ปี เสด็จสวรรคตเมื่อวันที่ ๑๓ ตุลาคม พ.ศ. ๒๕๕๙
พระบาทสมเด็จพระวชิรเกล้าเจ้าอยู่หัว รัชกาลที่ ๑๐
พระบาทสมเด็จพระปรเมนทรรามาธิบดีศรีสินทรมหาวชิราลงกรณ พระวชิรเกล้าเจ้าอยู่หัว ทรงพระราชสมภพเมื่อวันที่ ๒๘ กรกฎาคม พ.ศ. ๒�4๙๕
ทรงเสด็จขึ้นครองราชย์เมื่อวันที่ ๑๓ ตุลาคม พ.ศ. ๒๕๕๙ และทรงประกอบพระราชพิธีบรมราชาภิเษกเมื่อวันที่ ๔ พฤษภาคม พ.ศ. ๒๕๖๒
ทรงมีพระราชปณิธาน “เราจะสืบสาน รักษา และต่อยอด และครองแผ่นดินโดยธรรม เพื่อประโยชน์สุขแห่งอาณาราษฎรตลอดไป”
พระบาทสมเด็จพระปรเมนทรรามาธิบดีศรีสินทรมหาวชิราลงกรณ พระวชิรเกล้าเจ้าอยู่หัว ทรงพระราชสมภพเมื่อวันที่ ๒๘ กรกฎาคม พ.ศ. ๒�4๙๕ ทรงเสด็จขึ้นครองราชย์เมื่อวันที่ ๑๓ ตุลาคม พ.ศ. ๒๕๕๙ และทรงประกอบพระราชพิธีบรมราชาภิเษกเมื่อวันที่ ๔ พฤษภาคม พ.ศ. ๒๕๖๒ ทรงมีพระราชปณิธาน “เราจะสืบสาน รักษา และต่อยอด และครองแผ่นดินโดยธรรม เพื่อประโยชน์สุขแห่งอาณาราษฎรตลอดไป”
พระบาทสมเด็จพระปรเมนทรรามาธิบดีศรีสินทรมหาวชิราลงกรณ พระวชิรเกล้าเจ้าอยู่หัว ทรงพระราชสมภพเมื่อวันที่ ๒๘ กรกฎาคม พ.ศ. ๒�4๙๕ ทรงเสด็จขึ้นครองราชย์เมื่อวันที่ ๑๓ ตุลาคม พ.ศ. ๒๕๕๙ และทรงประกอบพระราชพิธีบรมราชาภิเษกเมื่อวันที่ ๔ พฤษภาคม พ.ศ. ๒๕๖๒ ทรงมีพระราชปณิธาน “เราจะสืบสาน รักษา และต่อยอด และครองแผ่นดินโดยธรรม เพื่อประโยชน์สุขแห่งอาณาราษฎรตลอดไป”
พระบาทสมเด็จพระปรเมนทรรามาธิบดีศรีสินทรมหาวชิราลงกรณ พระวชิรเกล้าเจ้าอยู่หัว ทรงพระราชสมภพเมื่อวันที่ ๒๘ กรกฎาคม พ.ศ. ๒�4๙๕ ทรงเสด็จขึ้นครองราชย์เมื่อวันที่ ๑๓ ตุลาคม พ.ศ. ๒๕๕๙ และทรงประกอบพระราชพิธีบรมราชาภิเษกเมื่อวันที่ ๔ พฤษภาคม พ.ศ. ๒๕๖๒ ทรงมีพระราชปณิธาน “เราจะสืบสาน รักษา และต่อยอด และครองแผ่นดินโดยธรรม เพื่อประโยชน์สุขแห่งอาณาราษฎรตลอดไป”
พระบาทสมเด็จพระปรเมนทรรามาธิบดีศรีสินทรมหาวชิราลงกรณ พระวชิรเกล้าเจ้าอยู่หัว ทรงพระราชสมภพเมื่อวันที่ ๒๘ กรกฎาคม พ.ศ. ๒�4๙๕ ทรงเสด็จขึ้นครองราชย์เมื่อวันที่ ๑๓ ตุลาคม พ.ศ. ๒๕๕๙ และทรงประกอบพระราชพิธีบรมราชาภิเษกเมื่อวันที่ ๔ พฤษภาคม พ.ศ. ๒๕๖๒ ทรงมีพระราชปณิธาน “เราจะสืบสาน รักษา และต่อยอด และครองแผ่นดินโดยธรรม เพื่อประโยชน์สุขแห่งอาณาราษฎรตลอดไป”
พระบาทสมเด็จพระปรเมนทรรามาธิบดีศรีสินทรมหาวชิราลงกรณ พระวชิรเกล้าเจ้าอยู่หัว ทรงพระราชสมภพเมื่อวันที่ ๒๘ กรกฎาคม พ.ศ. ๒�4๙๕ ทรงเสด็จขึ้นครองราชย์เมื่อวันที่ ๑๓ ตุลาคม พ.ศ. ๒๕๕๙ และทรงประกอบพระราชพิธีบรมราชาภิเษกเมื่อวันที่ ๔ พฤษภาคม พ.ศ. ๒๕๖๒ ทรงมีพระราชปณิธาน “เราจะสืบสาน รักษา และต่อยอด และครองแผ่นดินโดยธรรม เพื่อประโยชน์สุขแห่งอาณาราษฎรตลอดไป”
พระบาทสมเด็จพระปรเมนทรรามาธิบดีศรีสินทรมหาวชิราลงกรณ พระวชิรเกล้าเจ้าอยู่หัว ทรงพระราชสมภพเมื่อวันที่ ๒๘ กรกฎาคม พ.ศ. ๒�4๙๕ ทรงเสด็จขึ้นครองราชย์เมื่อวันที่ ๑๓ ตุลาคม พ.ศ. ๒๕๕๙ และทรงประกอบพระราชพิธีบรมราชาภิเษกเมื่อวันที่ ๔ พฤษภาคม พ.ศ. ๒๕๖๒ ทรงมีพระราชปณิธาน “เราจะสืบสาน รักษา และต่อยอด และครองแผ่นดินโดยธรรม เพื่อประโยชน์สุขแห่งอาณาราษฎรตลอดไป”
พระบาทสมเด็จพระปรเมนทรรามาธิบดีศรีสินทรมหาวชิราลงกรณ พระวชิรเกล้าเจ้าอยู่หัว ทรงพระราชสมภพเมื่อวันที่ ๒๘ กรกฎาคม พ.ศ. ๒�4๙๕ ทรงเสด็จขึ้นครองราชย์เมื่อวันที่ ๑๓ ตุลาคม พ.ศ. ๒๕๕๙ และทรงประกอบพระราชพิธีบรมราชาภิเษกเมื่อวันที่ ๔ พฤษภาคม พ.ศ. ๒๕๖๒ ทรงมีพระราชปณิธาน “เราจะสืบสาน รักษา และต่อยอด และครองแผ่นดินโดยธรรม เพื่อประโยชน์สุขแห่งอาณาราษฎรตลอดไป”
พระบาทสมเด็จพระปรเมนทรรามาธิบดีศรีสินทรมหาวชิราลงกรณ พระวชิรเกล้าเจ้าอยู่หัว ทรงพระราชสมภพเมื่อวันที่ ๒๘ กรกฎาคม พ.ศ. ๒�4๙๕ ทรงเสด็จขึ้นครองราชย์เมื่อวันที่ ๑๓ ตุลาคม พ.ศ. ๒๕๕๙ และทรงประกอบพระราชพิธีบรมราชาภิเษกเมื่อวันที่ ๔ พฤษภาคม พ.ศ. ๒๕๖๒ ทรงมีพระราชปณิธาน “เราจะสืบสาน รักษา และต่อยอด และครองแผ่นดินโดยธรรม เพื่อประโยชน์สุขแห่งอาณาราษฎรตลอดไป”
พระบาทสมเด็จพระปรเมนทรรามาธิบดีศรีสินทรมหาวชิราลงกรณ พระวชิรเกล้าเจ้าอยู่หัว ทรงพระราชสมภพเมื่อวันที่ ๒๘ กรกฎาคม พ.ศ. ๒�4๙๕ ทรงเสด็จขึ้นครองราชย์เมื่อวันที่ ๑๓ ตุลาคม พ.ศ. ๒๕๕๙ และทรงประกอบพระราชพิธีบรมราชาภิเษกเมื่อวันที่ ๔ พฤษภาคม พ.ศ. ๒๕๖๒ ทรงมีพระราชปณิธาน “เราจะสืบสาน รักษา และต่อยอด และครองแผ่นดินโดยธรรม เพื่อประโยชน์สุขแห่งอาณาราษฎรตลอดไป”
พระบาทสมเด็จพระปรเมนทรรามาธิบดีศรีสินทรมหาวชิราลงกรณ พระวชิรเกล้าเจ้าอยู่หัว ทรงพระราชสมภพเมื่อวันที่ ๒๘ กรกฎาคม พ.ศ. ๒�4๙๕ ทรงเสด็จขึ้นครองราชย์เมื่อวันที่ ๑๓ ตุลาคม พ.ศ. ๒๕๕๙ และทรงประกอบพระราชพิธีบรมราชาภิเษกเมื่อวันที่ ๔ พฤษภาคม พ.ศ. ๒๕๖๒ ทรงมีพระราชปณิธาน “เราจะสืบสาน รักษา และต่อยอด และครองแผ่นดินโดยธรรม เพื่อประโยชน์สุขแห่งอาณาราษฎรตลอดไป”
พระบาทสมเด็จพระปรเมนทรรามาธิบดีศรีสินทรมหาวชิราลงกรณ พระวชิรเกล้าเจ้าอยู่หัว ทรงพระราชสมภพเมื่อวันที่ ๒๘ กรกฎาคม พ.ศ. ๒�4๙๕ ทรงเสด็จขึ้นครองราชย์เมื่อวันที่ ๑๓ ตุลาคม พ.ศ. ๒๕๕๙ และทรงประกอบพระราชพิธีบรมราชาภิเษกเมื่อวันที่ ๔ พฤษภาคม พ.ศ. ๒๕๖๒ ทรงมีพระราชปณิธาน “เราจะสืบสาน รักษา และต่อยอด และครองแผ่นดินโดยธรรม เพื่อประโยชน์สุขแห่งอาณาราษฎรตลอดไป”
พระบาทสมเด็จพระปรเมนทรรามาธิบดีศรีสินทรมหาวชิราลงกรณ พระวชิรเกล้าเจ้าอยู่หัว ทรงพระราชสมภพเมื่อวันที่ ๒๘ กรกฎาคม พ.ศ. ๒�4๙๕ ทรงเสด็จขึ้นครองราชย์เมื่อวันที่ ๑๓ ตุลาคม พ.ศ. ๒๕๕๙ และทรงประกอบพระราชพิธีบรมราชาภิเษกเมื่อวันที่ ๔ พฤษภาคม พ.ศ. ๒๕๖๒ ทรงมีพระราชปณิธาน “เราจะสืบสาน รักษา และต่อยอด และครองแผ่นดินโดยธรรม เพื่อประโยชน์สุขแห่งอาณาราษฎรตลอดไป”
พระบาทสมเด็จพระปรเมนทรรามาธิบดีศรีสินทรมหาวชิราลงกรณ พระวชิรเกล้าเจ้าอยู่หัว ทรงพระราชสมภพเมื่อวันที่ ๒๘ กรกฎาคม พ.ศ. ๒�4๙๕ ทรงเสด็จขึ้นครองราชย์เมื่อวันที่ ๑๓ ตุลาคม พ.ศ. ๒๕๕๙ และทรงประกอบพระราชพิธีบรมราชาภิเษกเมื่อวันที่ ๔ พฤษภาคม พ.ศ. ๒๕๖๒ ทรงมีพระราชปณิธาน “เราจะสืบสาน รักษา และต่อยอด และครองแผ่นดินโดยธรรม เพื่อประโยชน์สุขแห่งอาณาราษฎรตลอดไป”
พระบาทสมเด็จพระปรเมนทรรามาธิบดีศรีสินทรมหาวชิราลงกรณ พระวชิรเกล้าเจ้าอยู่หัว ทรงพระราชสมภพเมื่อวันที่ ๒๘ กรกฎาคม พ.ศ. ๒�4๙๕ ทรงเสด็จขึ้นครองราชย์เมื่อวันที่ ๑๓ ตุลาคม พ.ศ. ๒๕๕๙ และทรงประกอบพระราชพิธีบรมราชาภิเษกเมื่อวันที่ ๔ พฤษภาคม พ.ศ. ๒๕๖๒ ทรงมีพระราชปณิธาน “เราจะสืบสาน รักษา และต่อยอด และครองแผ่นดินโดยธรรม เพื่อประโยชน์สุขแห่งอาณาราษฎรตลอดไป”
พระบาทสมเด็จพระปรเมนทรรามาธิบดีศรีสินทรมหาวชิราลงกรณ พระวชิรเกล้าเจ้าอยู่หัว ทรงพระราชสมภพเมื่อวันที่ ๒๘ กรกฎาคม พ.ศ. ๒�4๙๕ ทรงเสด็จขึ้นครองราชย์เมื่อวันที่ ๑๓ ตุลาคม พ.ศ. ๒๕๕๙ และทรงประกอบพระราชพิธีบรมราชาภิเษกเมื่อวันที่ ๔ พฤษภาคม พ.ศ. ๒๕๖๒ ทรงมีพระราชปณิธาน “เราจะสืบสาน รักษา และต่อยอด และครองแผ่นดินโดยธรรม เพื่อประโยชน์สุขแห่งอาณาราษฎรตลอดไป”
พระบาทสมเด็จพระปรเมนทรรามาธิบดีศรีสินทรมหาวชิราลงกรณ พระวชิรเกล้าเจ้าอยู่หัว ทรงพระราชสมภพเมื่อวันที่ ๒๘ กรกฎาคม พ.ศ. ๒�4๙๕ ทรงเสด็จขึ้นครองราชย์เมื่อวันที่ ๑๓ ตุลาคม พ.ศ. ๒๕๕๙ และทรงประกอบพระราชพิธีบรมราชาภิเษกเมื่อวันที่ ๔ พฤษภาคม พ.ศ. ๒๕๖๒ ทรงมีพระราชปณิธาน “เราจะสืบสาน รักษา และต่อยอด และครองแผ่นดินโดยธรรม เพื่อประโยชน์สุขแห่งอาณาราษฎรตลอดไป”
พระบาทสมเด็จพระปรเมนทรรามาธิบดีศรีสินทรมหาวชิราลงกรณ พระวชิรเกล้าเจ้าอยู่หัว ทรงพระราชสมภพเมื่อวันที่ ๒๘ กรกฎาคม พ.ศ. ๒�4๙๕ ทรงเสด็จขึ้นครองราชย์เมื่อวันที่ ๑๓ ตุลาคม พ.ศ. ๒๕๕๙ และทรงประกอบพระราชพิธีบรมราชาภิเษกเมื่อวันที่ ๔ พฤษภาคม พ.ศ. ๒๕๖๒ ทรงมีพระราชปณิธาน “เราจะสืบสาน รักษา และต่อยอด และครองแผ่นดินโดยธรรม เพื่อประโยชน์สุขแห่งอาณาราษฎรตลอดไป”
พระบาทสมเด็จพระปรเมนทรรามาธิบดีศรีสินทรมหาวชิราลงกรณ พระวชิรเกล้าเจ้าอยู่หัว ทรงพระราชสมภพเมื่อวันที่ ๒๘ กรกฎาคม พ.ศ. ๒�4๙๕ ทรงเสด็จขึ้นครองราชย์เมื่อวันที่ ๑๓ ตุลาคม พ.ศ. ๒๕๕๙ และทรงประกอบพระราชพิธีบรมราชาภิเษกเมื่อวันที่ ๔ พฤษภาคม พ.ศ. ๒๕๖๒ ทรงมีพระราชปณิธาน “เราจะสืบสาน รักษา และต่อยอด และครองแผ่นดินโดยธรรม เพื่อประโยชน์สุขแห่งอาณาราษฎรตลอดไป”
พระบาทสมเด็จพระปรเมนทรรามาธิบดีศรีสินทรมหาวชิราลงกรณ พระวชิรเกล้าเจ้าอยู่หัว ทรงพระราชสมภพเมื่อวันที่ ๒๘ กรกฎาคม พ.ศ. ๒�4๙๕ ทรงเสด็จขึ้นครองราชย์เมื่อวันที่ ๑๓ ตุลาคม พ.ศ. ๒๕๕๙ และทรงประกอบพระราชพิธีบรมราชาภิเษกเมื่อวันที่ ๔ พฤษภาคม พ.ศ. ๒๕๖๒ ทรงมีพระราชปณิธาน “เราจะสืบสาน รักษา และต่อยอด และครองแผ่นดินโดยธรรม เพื่อประโยชน์สุขแห่งอาณาราษฎรตลอดไป”
พระบาทสมเด็จพระปรเมนทรรามาธิบดีศรีสินทรมหาวชิราลงกรณ พระวชิรเกล้าเจ้าอยู่หัว ทรงพระราชสมภพเมื่อวันที่ ๒๘ กรกฎาคม พ.ศ. ๒�4๙๕ ทรงเสด็จขึ้นครองราชย์เมื่อวันที่ ๑๓ ตุลาคม พ.ศ. ๒๕๕๙ และทรงประกอบพระราชพิธีบรมราชาภิเษกเมื่อวันที่ ๔ พฤษภาคม พ.ศ. ๒๕๖๒ ทรงมีพระราชปณิธาน “เราจะสืบสาน รักษา และต่อยอด และครองแผ่นดินโดยธรรม เพื่อประโยชน์สุขแห่งอาณาราษฎรตลอดไป”
พระบาทสมเด็จพระปรเมนทรรามาธิบดีศรีสินทรมหาวชิราลงกรณ พระวชิรเกล้าเจ้าอยู่หัว ทรงพระราชสมภพเมื่อวันที่ ๒๘ กรกฎาคม พ.ศ. ๒�4๙๕ ทรงเสด็จขึ้นครองราชย์เมื่อวันที่ ๑๓ ตุลาคม พ.ศ. ๒๕๕๙ และทรงประกอบพระราชพิธีบรมราชาภิเษกเมื่อวันที่ ๔ พฤษภาคม พ.ศ. ๒๕๖๒ ทรงมีพระราชปณิธาน “เราจะสืบสาน รักษา และต่อยอด และครองแผ่นดินโดยธรรม เพื่อประโยชน์สุขแห่งอาณาราษฎรตลอดไป”
พระบาทสมเด็จพระปรเมนทรรามาธิบดีศรีสินทรมหาวชิราลงกรณ พระวชิรเกล้าเจ้าอยู่หัว ทรงพระราชสมภพเมื่อวันที่ ๒๘ กรกฎาคม พ.ศ. ๒�4๙๕ ทรงเสด็จขึ้นครองราชย์เมื่อวันที่ ๑๓ ตุลาคม พ.ศ. ๒๕๕๙ และทรงประกอบพระราชพิธีบรมราชาภิเษกเมื่อวันที่ ๔ พฤษภาคม พ.ศ. ๒๕๖๒ ทรงมีพระราชปณิธาน “เราจะสืบสาน รักษา และต่อยอด และครองแผ่นดินโดยธรรม เพื่อประโยชน์สุขแห่งอาณาราษฎรตลอดไป”
สร้างสรรค์โดย สำนักพิมพ์เพื่อเด็ก โทร. 02-872-9191, 061-481-9363
